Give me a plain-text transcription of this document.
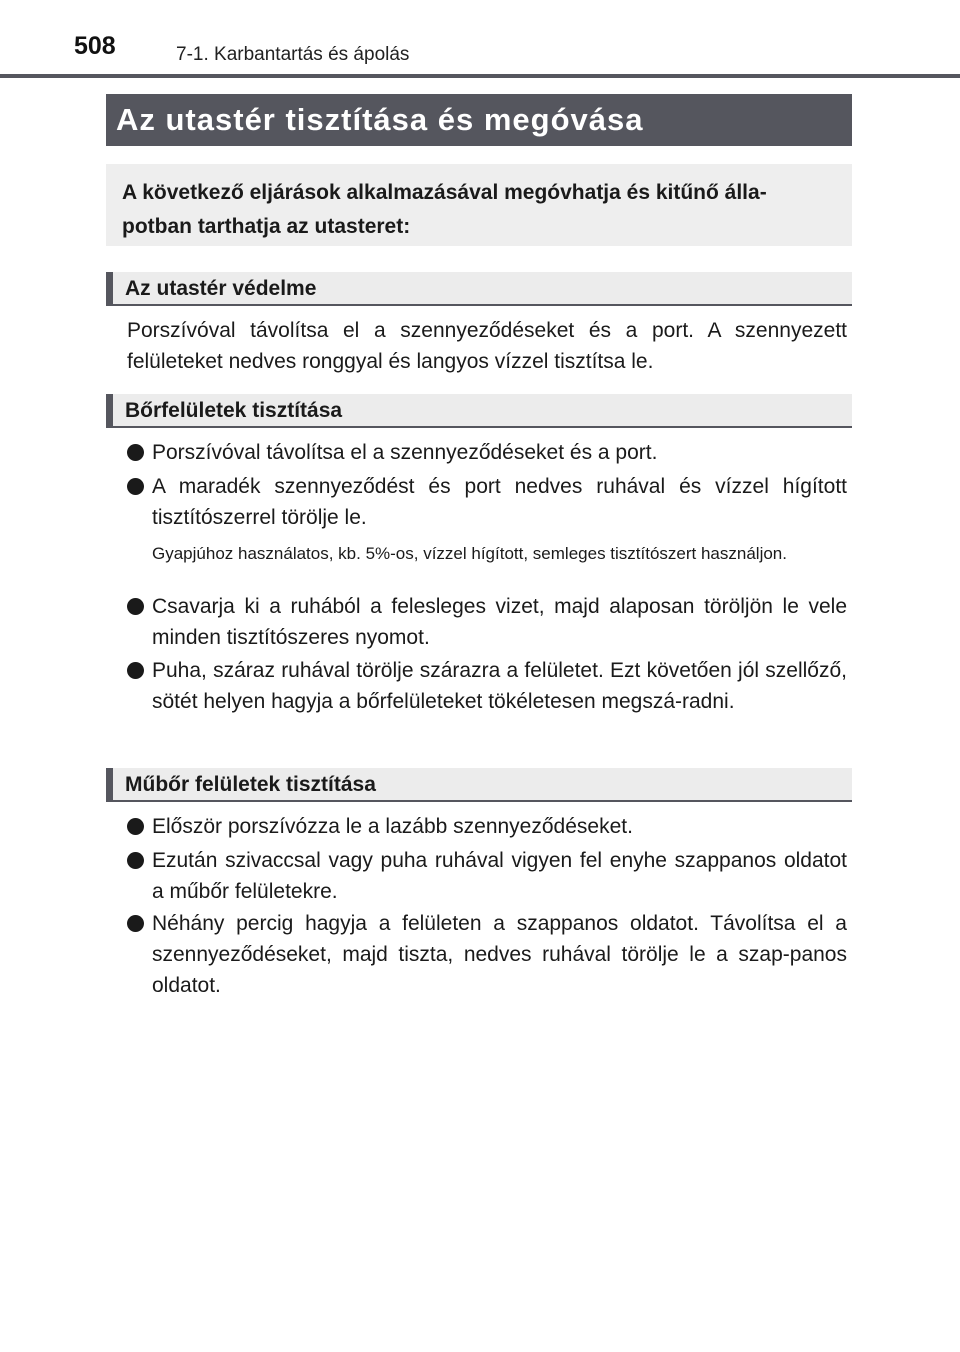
508	7-1. Karbantartás és ápolás
Az utastér tisztítása és megóvása
A következő eljárások alkalmazásával megóvhatja és kitűnő álla-potban tarthatja az utasteret:
Az utastér védelme
Porszívóval távolítsa el a szennyeződéseket és a port. A szennyezett felületeket nedves ronggyal és langyos vízzel tisztítsa le.
Bőrfelületek tisztítása
Porszívóval távolítsa el a szennyeződéseket és a port.
A maradék szennyeződést és port nedves ruhával és vízzel hígított tisztítószerrel törölje le.
Gyapjúhoz használatos, kb. 5%-os, vízzel hígított, semleges tisztítószert használjon.
Csavarja ki a ruhából a felesleges vizet, majd alaposan töröljön le vele minden tisztítószeres nyomot.
Puha, száraz ruhával törölje szárazra a felületet. Ezt követően jól szellőző, sötét helyen hagyja a bőrfelületeket tökéletesen megszá-radni.
Műbőr felületek tisztítása
Először porszívózza le a lazább szennyeződéseket.
Ezután szivaccsal vagy puha ruhával vigyen fel enyhe szappanos oldatot a műbőr felületekre.
Néhány percig hagyja a felületen a szappanos oldatot. Távolítsa el a szennyeződéseket, majd tiszta, nedves ruhával törölje le a szap-panos oldatot.
